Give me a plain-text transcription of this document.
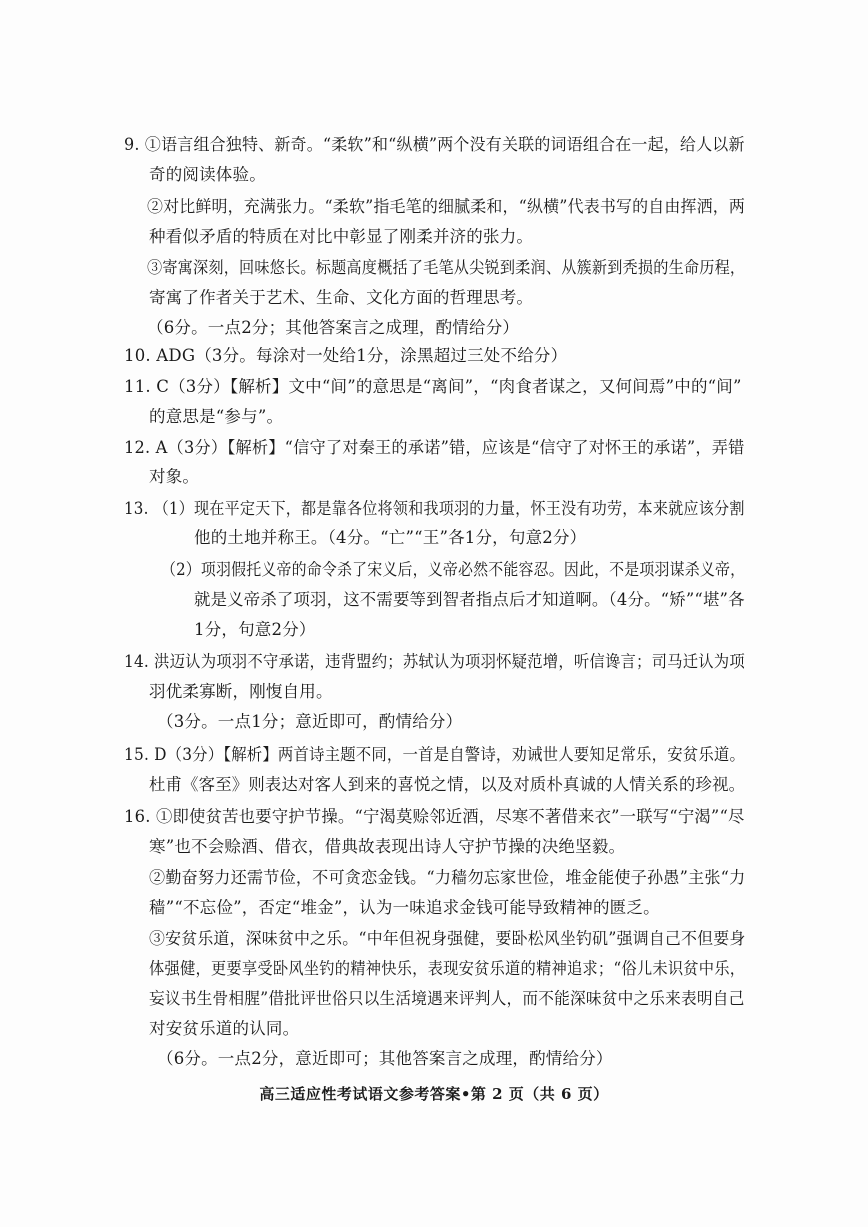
9. ①语言组合独特、新奇。“柔软”和“纵横”两个没有关联的词语组合在一起，给人以新
奇的阅读体验。
②对比鲜明，充满张力。“柔软”指毛笔的细腻柔和，“纵横”代表书写的自由挥洒，两
种看似矛盾的特质在对比中彰显了刚柔并济的张力。
③寄寓深刻，回味悠长。标题高度概括了毛笔从尖锐到柔润、从簇新到秃损的生命历程，
寄寓了作者关于艺术、生命、文化方面的哲理思考。
（6分。一点2分；其他答案言之成理，酌情给分）
10. ADG（3分。每涂对一处给1分，涂黑超过三处不给分）
11. C（3分）【解析】文中“间”的意思是“离间”，“肉食者谋之，又何间焉”中的“间”
的意思是“参与”。
12. A（3分）【解析】“信守了对秦王的承诺”错，应该是“信守了对怀王的承诺”，弄错
对象。
13. （1）现在平定天下，都是靠各位将领和我项羽的力量，怀王没有功劳，本来就应该分割
他的土地并称王。（4分。“亡”“王”各1分，句意2分）
（2）项羽假托义帝的命令杀了宋义后，义帝必然不能容忍。因此，不是项羽谋杀义帝，
就是义帝杀了项羽，这不需要等到智者指点后才知道啊。（4分。“矫”“堪”各
1分，句意2分）
14. 洪迈认为项羽不守承诺，违背盟约；苏轼认为项羽怀疑范增，听信谗言；司马迁认为项
羽优柔寡断，刚愎自用。
（3分。一点1分；意近即可，酌情给分）
15. D（3分）【解析】两首诗主题不同，一首是自警诗，劝诫世人要知足常乐，安贫乐道。
杜甫《客至》则表达对客人到来的喜悦之情，以及对质朴真诚的人情关系的珍视。
16. ①即使贫苦也要守护节操。“宁渴莫赊邻近酒，尽寒不著借来衣”一联写“宁渴”“尽
寒”也不会赊酒、借衣，借典故表现出诗人守护节操的决绝坚毅。
②勤奋努力还需节俭，不可贪恋金钱。“力穑勿忘家世俭，堆金能使子孙愚”主张“力
穑”“不忘俭”，否定“堆金”，认为一味追求金钱可能导致精神的匮乏。
③安贫乐道，深味贫中之乐。“中年但祝身强健，要卧松风坐钓矶”强调自己不但要身
体强健，更要享受卧风坐钓的精神快乐，表现安贫乐道的精神追求；“俗儿未识贫中乐，
妄议书生骨相腥”借批评世俗只以生活境遇来评判人，而不能深味贫中之乐来表明自己
对安贫乐道的认同。
（6分。一点2分，意近即可；其他答案言之成理，酌情给分）
高三适应性考试语文参考答案•第 2 页（共 6 页）
